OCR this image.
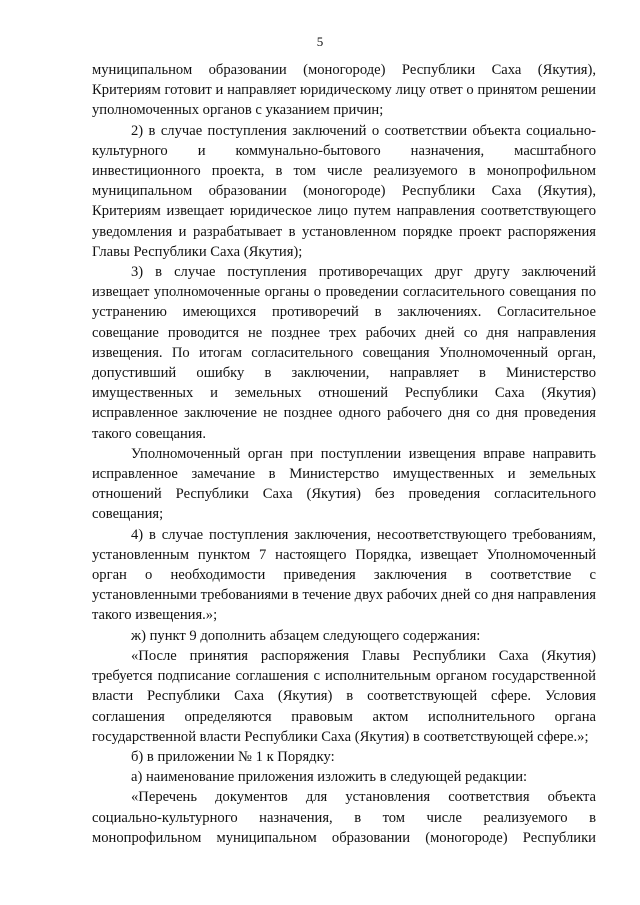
5

муниципальном образовании (моногороде) Республики Саха (Якутия), Критериям готовит и направляет юридическому лицу ответ о принятом решении уполномоченных органов с указанием причин;

2) в случае поступления заключений о соответствии объекта социально-культурного и коммунально-бытового назначения, масштабного инвестиционного проекта, в том числе реализуемого в монопрофильном муниципальном образовании (моногороде) Республики Саха (Якутия), Критериям извещает юридическое лицо путем направления соответствующего уведомления и разрабатывает в установленном порядке проект распоряжения Главы Республики Саха (Якутия);

3) в случае поступления противоречащих друг другу заключений извещает уполномоченные органы о проведении согласительного совещания по устранению имеющихся противоречий в заключениях. Согласительное совещание проводится не позднее трех рабочих дней со дня направления извещения. По итогам согласительного совещания Уполномоченный орган, допустивший ошибку в заключении, направляет в Министерство имущественных и земельных отношений Республики Саха (Якутия) исправленное заключение не позднее одного рабочего дня со дня проведения такого совещания.

Уполномоченный орган при поступлении извещения вправе направить исправленное замечание в Министерство имущественных и земельных отношений Республики Саха (Якутия) без проведения согласительного совещания;

4) в случае поступления заключения, несоответствующего требованиям, установленным пунктом 7 настоящего Порядка, извещает Уполномоченный орган о необходимости приведения заключения в соответствие с установленными требованиями в течение двух рабочих дней со дня направления такого извещения.»;

ж) пункт 9 дополнить абзацем следующего содержания:

«После принятия распоряжения Главы Республики Саха (Якутия) требуется подписание соглашения с исполнительным органом государственной власти Республики Саха (Якутия) в соответствующей сфере. Условия соглашения определяются правовым актом исполнительного органа государственной власти Республики Саха (Якутия) в соответствующей сфере.»;

б) в приложении № 1 к Порядку:

а) наименование приложения изложить в следующей редакции:

«Перечень документов для установления соответствия объекта социально-культурного назначения, в том числе реализуемого в монопрофильном муниципальном образовании (моногороде) Республики
